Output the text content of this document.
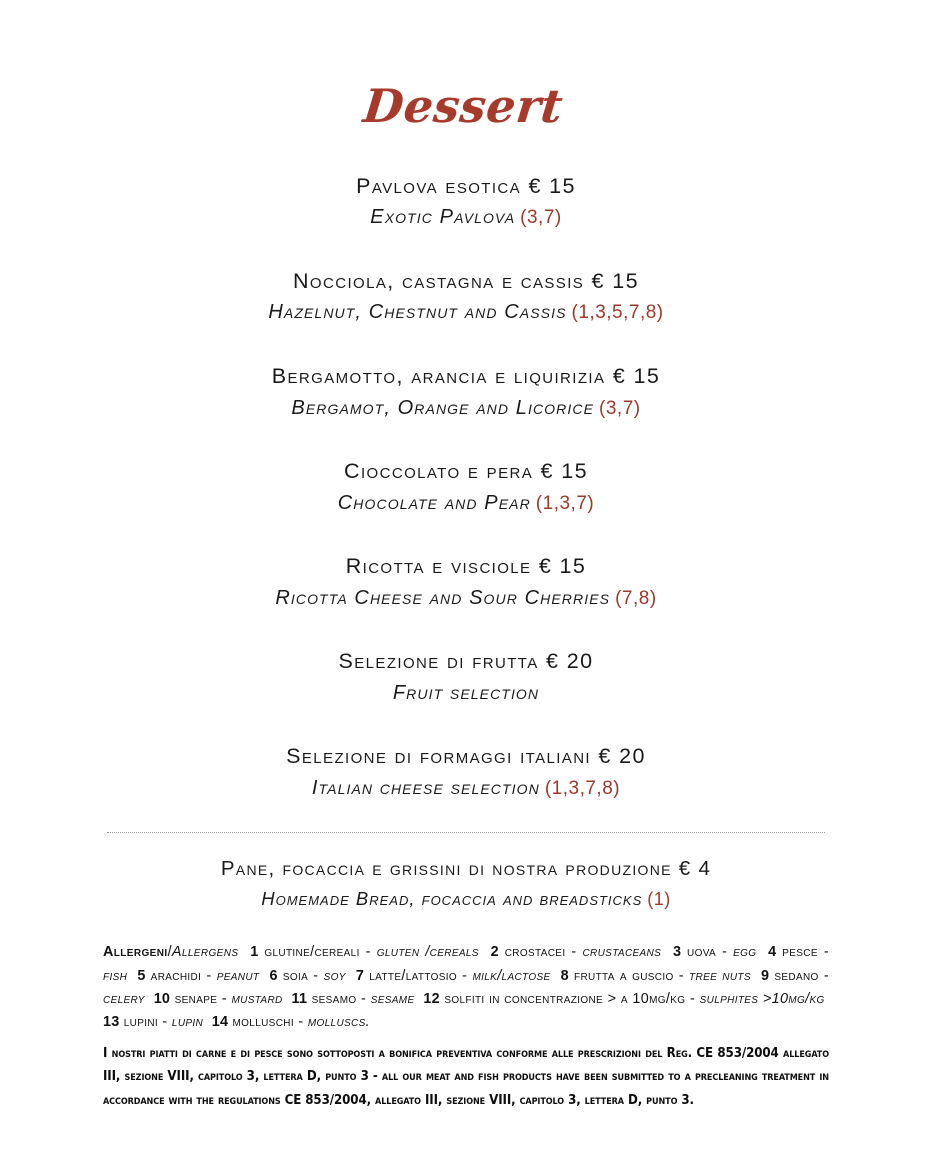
Dessert
Pavlova esotica € 15
Exotic Pavlova (3,7)
Nocciola, castagna e cassis € 15
Hazelnut, Chestnut and Cassis (1,3,5,7,8)
Bergamotto, arancia e liquirizia € 15
Bergamot, Orange and Licorice (3,7)
Cioccolato e pera € 15
Chocolate and Pear (1,3,7)
Ricotta e visciole € 15
Ricotta Cheese and Sour Cherries (7,8)
Selezione di frutta € 20
Fruit selection
Selezione di formaggi italiani € 20
Italian cheese selection (1,3,7,8)
Pane, focaccia e grissini di nostra produzione € 4
Homemade Bread, focaccia and breadsticks (1)
Allergeni/Allergens 1 glutine/cereali - gluten /cereals 2 crostacei - crustaceans 3 uova - egg 4 pesce - fish 5 arachidi - peanut 6 soia - soy 7 latte/lattosio - milk/lactose 8 frutta a guscio - tree nuts 9 sedano - celery 10 senape - mustard 11 sesamo - sesame 12 solfiti in concentrazione > a 10mg/kg - sulphites >10mg/kg  13 lupini - lupin 14 molluschi - molluscs.

I nostri piatti di carne e di pesce sono sottoposti a bonifica preventiva conforme alle prescrizioni del Reg. CE 853/2004 allegato III, sezione VIII, capitolo 3, lettera D, punto 3 - all our meat and fish products have been submitted to a precleaning treatment in accordance with the regulations CE 853/2004, allegato III, sezione VIII, capitolo 3, lettera D, punto 3.
